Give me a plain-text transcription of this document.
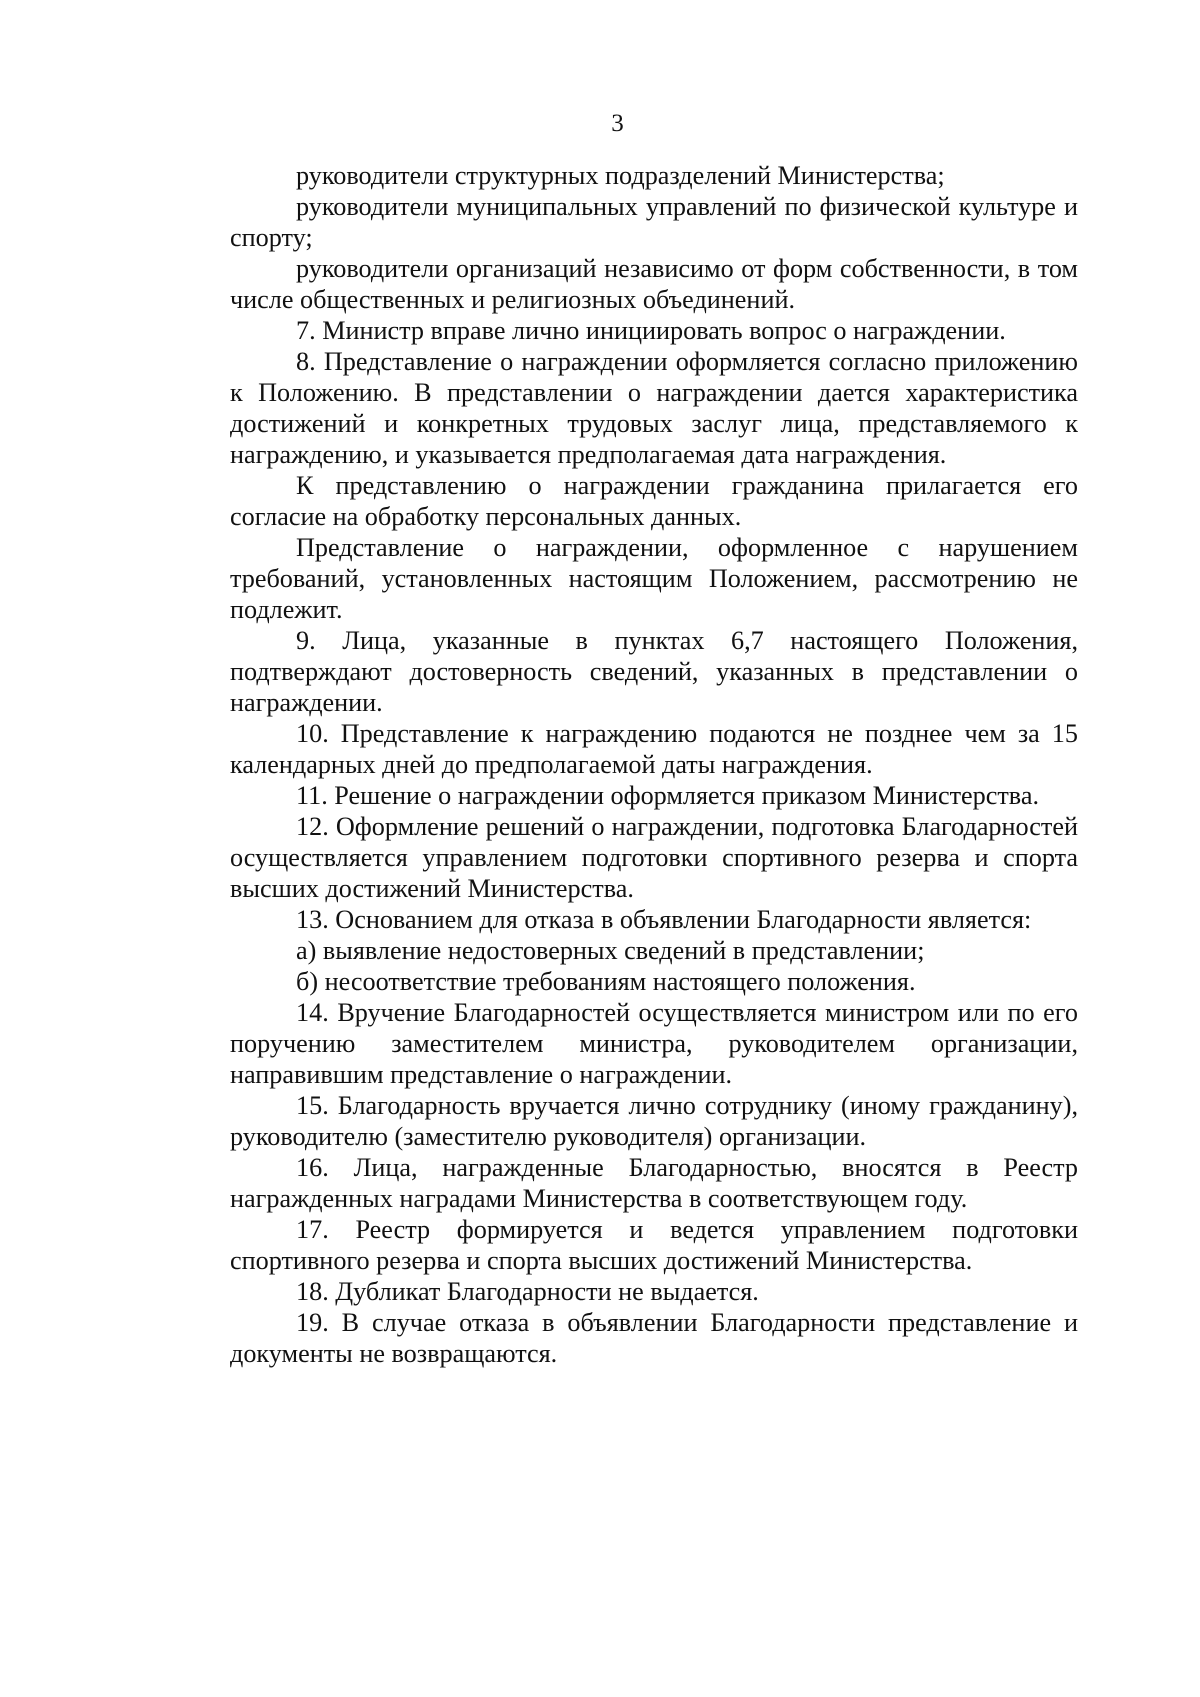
3

руководители структурных подразделений Министерства;

руководители муниципальных управлений по физической культуре и спорту;

руководители организаций независимо от форм собственности, в том числе общественных и религиозных объединений.

7. Министр вправе лично инициировать вопрос о награждении.

8. Представление о награждении оформляется согласно приложению к Положению. В представлении о награждении дается характеристика достижений и конкретных трудовых заслуг лица, представляемого к награждению, и указывается предполагаемая дата награждения.

К представлению о награждении гражданина прилагается его согласие на обработку персональных данных.

Представление о награждении, оформленное с нарушением требований, установленных настоящим Положением, рассмотрению не подлежит.

9. Лица, указанные в пунктах 6,7 настоящего Положения, подтверждают достоверность сведений, указанных в представлении о награждении.

10. Представление к награждению подаются не позднее чем за 15 календарных дней до предполагаемой даты награждения.

11. Решение о награждении оформляется приказом Министерства.

12. Оформление решений о награждении, подготовка Благодарностей осуществляется управлением подготовки спортивного резерва и спорта высших достижений Министерства.

13. Основанием для отказа в объявлении Благодарности является:

а) выявление недостоверных сведений в представлении;

б) несоответствие требованиям настоящего положения.

14. Вручение Благодарностей осуществляется министром или по его поручению заместителем министра, руководителем организации, направившим представление о награждении.

15. Благодарность вручается лично сотруднику (иному гражданину), руководителю (заместителю руководителя) организации.

16. Лица, награжденные Благодарностью, вносятся в Реестр награжденных наградами Министерства в соответствующем году.

17. Реестр формируется и ведется управлением подготовки спортивного резерва и спорта высших достижений Министерства.

18. Дубликат Благодарности не выдается.

19. В случае отказа в объявлении Благодарности представление и документы не возвращаются.
